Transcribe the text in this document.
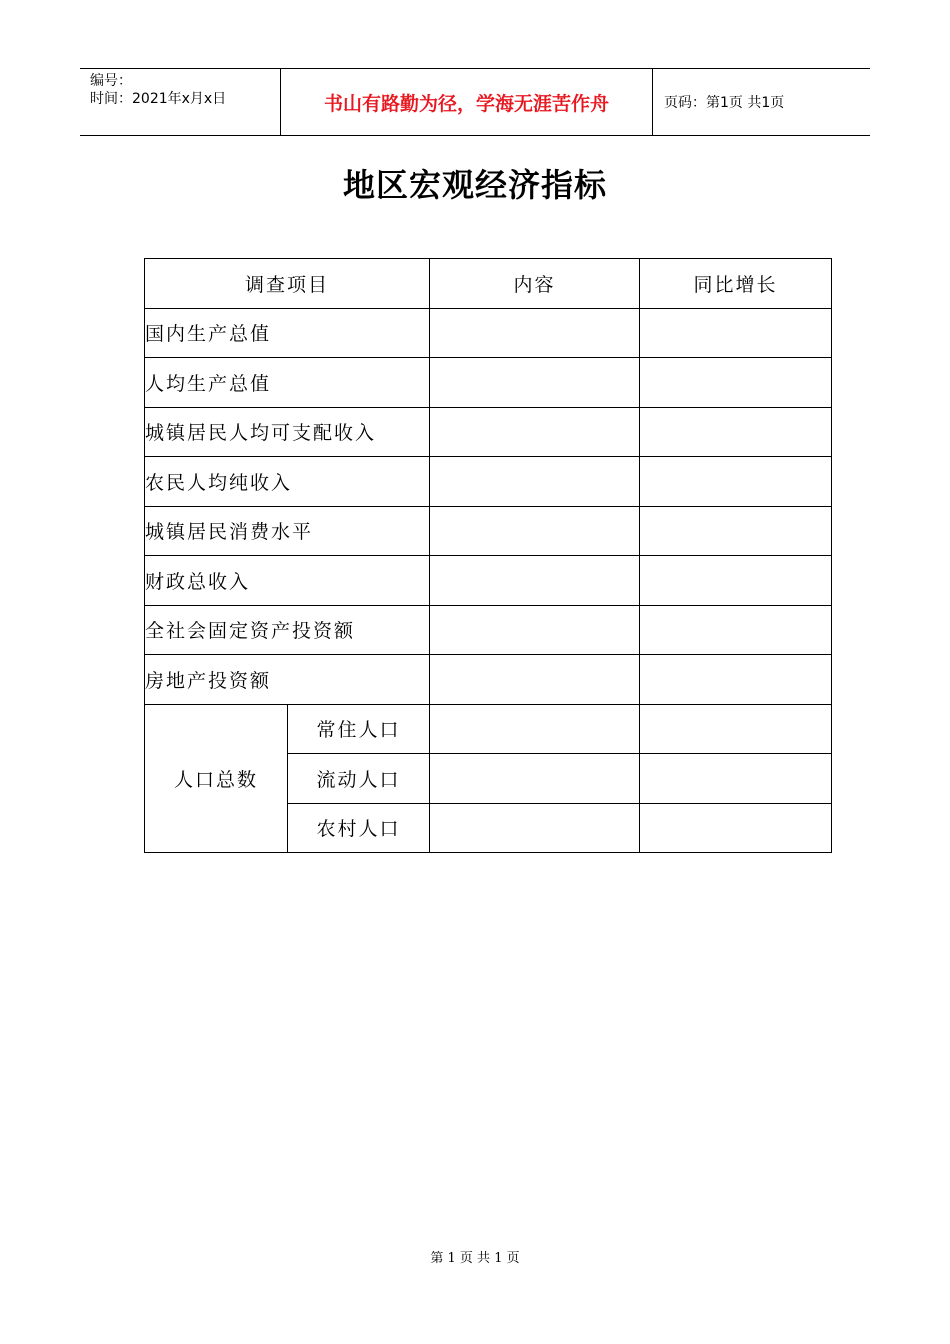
编号：
时间：2021年x月x日	书山有路勤为径，学海无涯苦作舟	页码：第1页 共1页
地区宏观经济指标
调查项目		内容	同比增长
国内生产总值			
人均生产总值			
城镇居民人均可支配收入			
农民人均纯收入			
城镇居民消费水平			
财政总收入			
全社会固定资产投资额			
房地产投资额			
人口总数	常住人口		
	流动人口		
	农村人口		
第 1 页 共 1 页
